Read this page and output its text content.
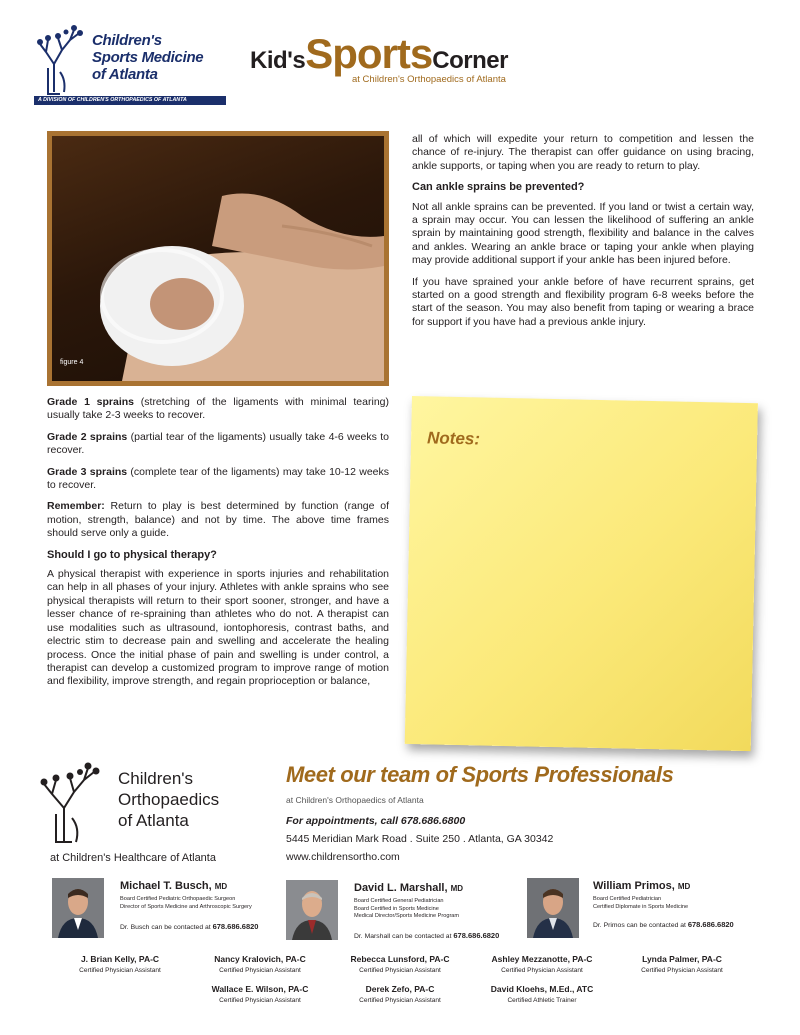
Children's
Sports Medicine
of Atlanta
A DIVISION OF CHILDREN'S ORTHOPAEDICS OF ATLANTA
Kid'sSportsCorner
at Children's Orthopaedics of Atlanta
figure 4

Grade 1 sprains (stretching of the ligaments with minimal tearing) usually take 2-3 weeks to recover.

Grade 2 sprains (partial tear of the ligaments) usually take 4-6 weeks to recover.

Grade 3 sprains (complete tear of the ligaments) may take 10-12 weeks to recover.

Remember: Return to play is best determined by function (range of motion, strength, balance) and not by time. The above time frames should serve only a guide.

Should I go to physical therapy?

A physical therapist with experience in sports injuries and rehabilitation can help in all phases of your injury. Athletes with ankle sprains who see physical therapists will return to their sport sooner, stronger, and have a lesser chance of re-spraining than athletes who do not. A therapist can use modalities such as ultrasound, iontophoresis, contrast baths, and electric stim to decrease pain and swelling and accelerate the healing process. Once the initial phase of pain and swelling is under control, a therapist can develop a customized program to improve range of motion and flexibility, improve strength, and regain proprioception or balance,

all of which will expedite your return to competition and lessen the chance of re-injury. The therapist can offer guidance on using bracing, ankle supports, or taping when you are ready to return to play.

Can ankle sprains be prevented?

Not all ankle sprains can be prevented. If you land or twist a certain way, a sprain may occur. You can lessen the likelihood of suffering an ankle sprain by maintaining good strength, flexibility and balance in the calves and ankles. Wearing an ankle brace or taping your ankle when playing may provide additional support if your ankle has been injured before.

If you have sprained your ankle before of have recurrent sprains, get started on a good strength and flexibility program 6-8 weeks before the start of the season. You may also benefit from taping or wearing a brace for support if you have had a previous ankle injury.

Notes:
Children's
Orthopaedics
of Atlanta
at Children's Healthcare of Atlanta
Meet our team of Sports Professionals
at Children's Orthopaedics of Atlanta
For appointments, call 678.686.6800
5445 Meridian Mark Road . Suite 250 . Atlanta, GA 30342
www.childrensortho.com
Michael T. Busch, MD
Board Certified Pediatric Orthopaedic Surgeon
Director of Sports Medicine and Arthroscopic Surgery
Dr. Busch can be contacted at 678.686.6820
David L. Marshall, MD
Board Certified General Pediatrician
Board Certified in Sports Medicine
Medical Director/Sports Medicine Program
Dr. Marshall can be contacted at 678.686.6820
William Primos, MD
Board Certified Pediatrician
Certified Diplomate in Sports Medicine
Dr. Primos can be contacted at 678.686.6820
J. Brian Kelly, PA-C
Certified Physician Assistant
Nancy Kralovich, PA-C
Certified Physician Assistant
Rebecca Lunsford, PA-C
Certified Physician Assistant
Ashley Mezzanotte, PA-C
Certified Physician Assistant
Lynda Palmer, PA-C
Certified Physician Assistant
Wallace E. Wilson, PA-C
Certified Physician Assistant
Derek Zefo, PA-C
Certified Physician Assistant
David Kloehs, M.Ed., ATC
Certified Athletic Trainer
